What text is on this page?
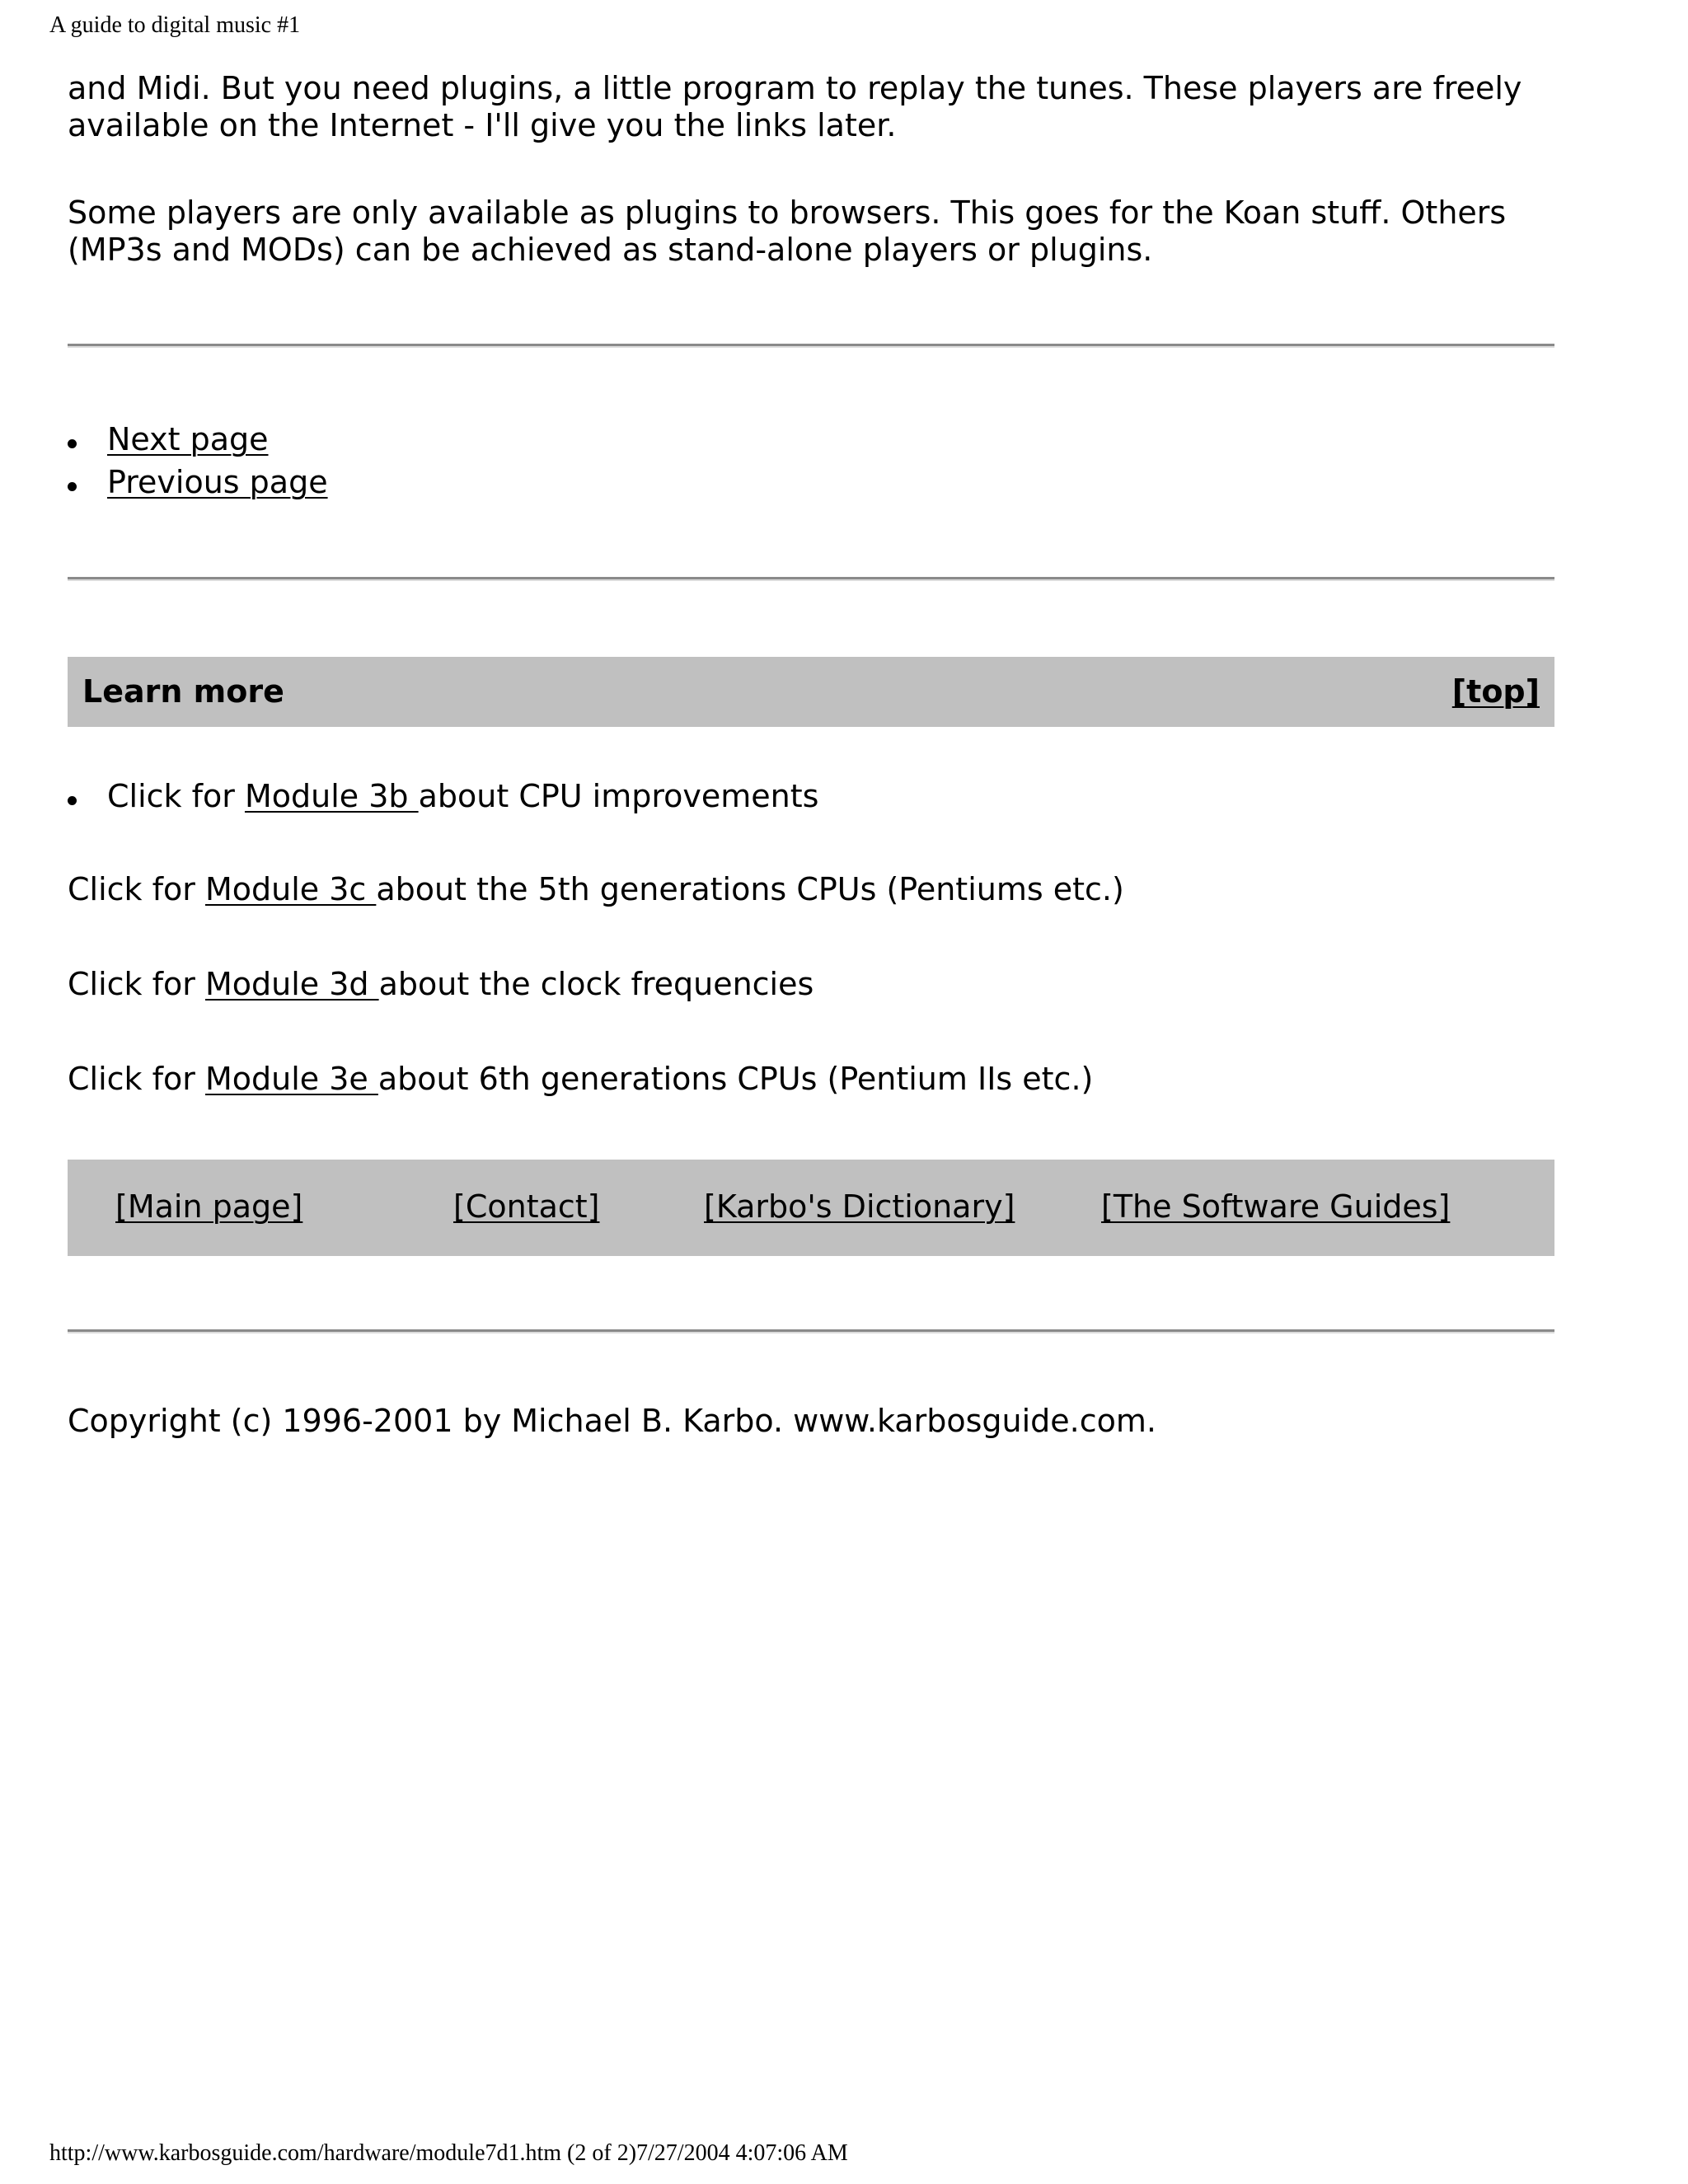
A guide to digital music #1

and Midi. But you need plugins, a little program to replay the tunes. These players are freely
available on the Internet - I'll give you the links later.

Some players are only available as plugins to browsers. This goes for the Koan stuff. Others
(MP3s and MODs) can be achieved as stand-alone players or plugins.

Next page
Previous page
Learn more	[top]
Click for Module 3b about CPU improvements

Click for Module 3c about the 5th generations CPUs (Pentiums etc.)

Click for Module 3d about the clock frequencies

Click for Module 3e about 6th generations CPUs (Pentium IIs etc.)

[Main page]	[Contact]	[Karbo's Dictionary]	[The Software Guides]

Copyright (c) 1996-2001 by Michael B. Karbo. www.karbosguide.com.

http://www.karbosguide.com/hardware/module7d1.htm (2 of 2)7/27/2004 4:07:06 AM
